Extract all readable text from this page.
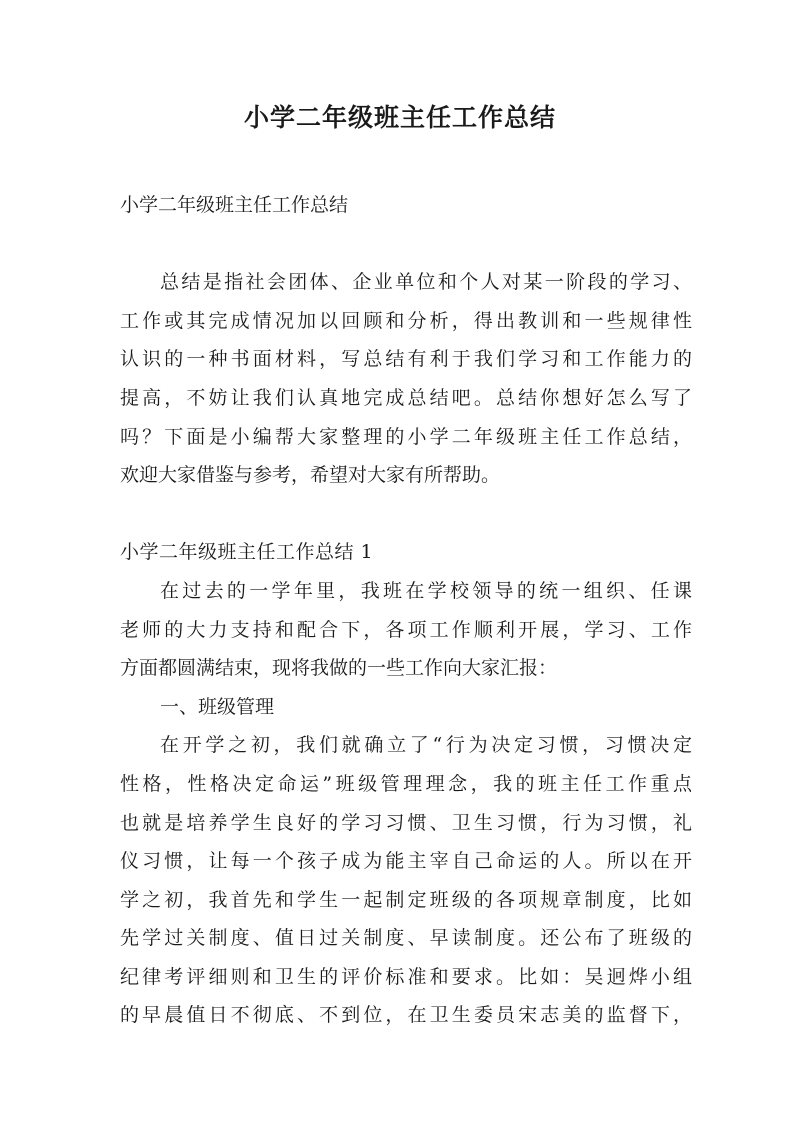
小学二年级班主任工作总结
小学二年级班主任工作总结
总结是指社会团体、企业单位和个人对某一阶段的学习、
工作或其完成情况加以回顾和分析，得出教训和一些规律性
认识的一种书面材料，写总结有利于我们学习和工作能力的
提高，不妨让我们认真地完成总结吧。总结你想好怎么写了
吗？下面是小编帮大家整理的小学二年级班主任工作总结，
欢迎大家借鉴与参考，希望对大家有所帮助。
小学二年级班主任工作总结 1
在过去的一学年里，我班在学校领导的统一组织、任课
老师的大力支持和配合下，各项工作顺利开展，学习、工作
方面都圆满结束，现将我做的一些工作向大家汇报：
一、班级管理
在开学之初，我们就确立了“行为决定习惯，习惯决定
性格，性格决定命运”班级管理理念，我的班主任工作重点
也就是培养学生良好的学习习惯、卫生习惯，行为习惯，礼
仪习惯，让每一个孩子成为能主宰自己命运的人。所以在开
学之初，我首先和学生一起制定班级的各项规章制度，比如
先学过关制度、值日过关制度、早读制度。还公布了班级的
纪律考评细则和卫生的评价标准和要求。比如：吴迥烨小组
的早晨值日不彻底、不到位，在卫生委员宋志美的监督下，
